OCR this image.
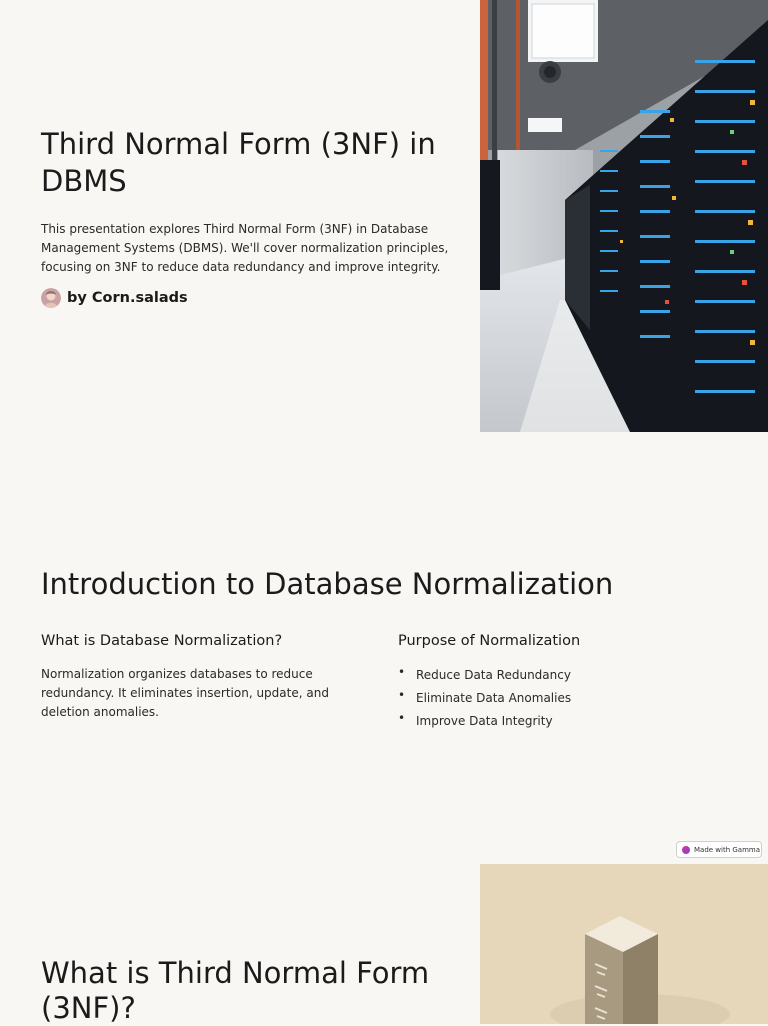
Third Normal Form (3NF) in DBMS

This presentation explores Third Normal Form (3NF) in Database Management Systems (DBMS). We'll cover normalization principles, focusing on 3NF to reduce data redundancy and improve integrity.

by Corn.salads
Introduction to Database Normalization
What is Database Normalization?

Normalization organizes databases to reduce redundancy. It eliminates insertion, update, and deletion anomalies.

Purpose of Normalization
• Reduce Data Redundancy
• Eliminate Data Anomalies
• Improve Data Integrity
Made with Gamma
What is Third Normal Form (3NF)?
